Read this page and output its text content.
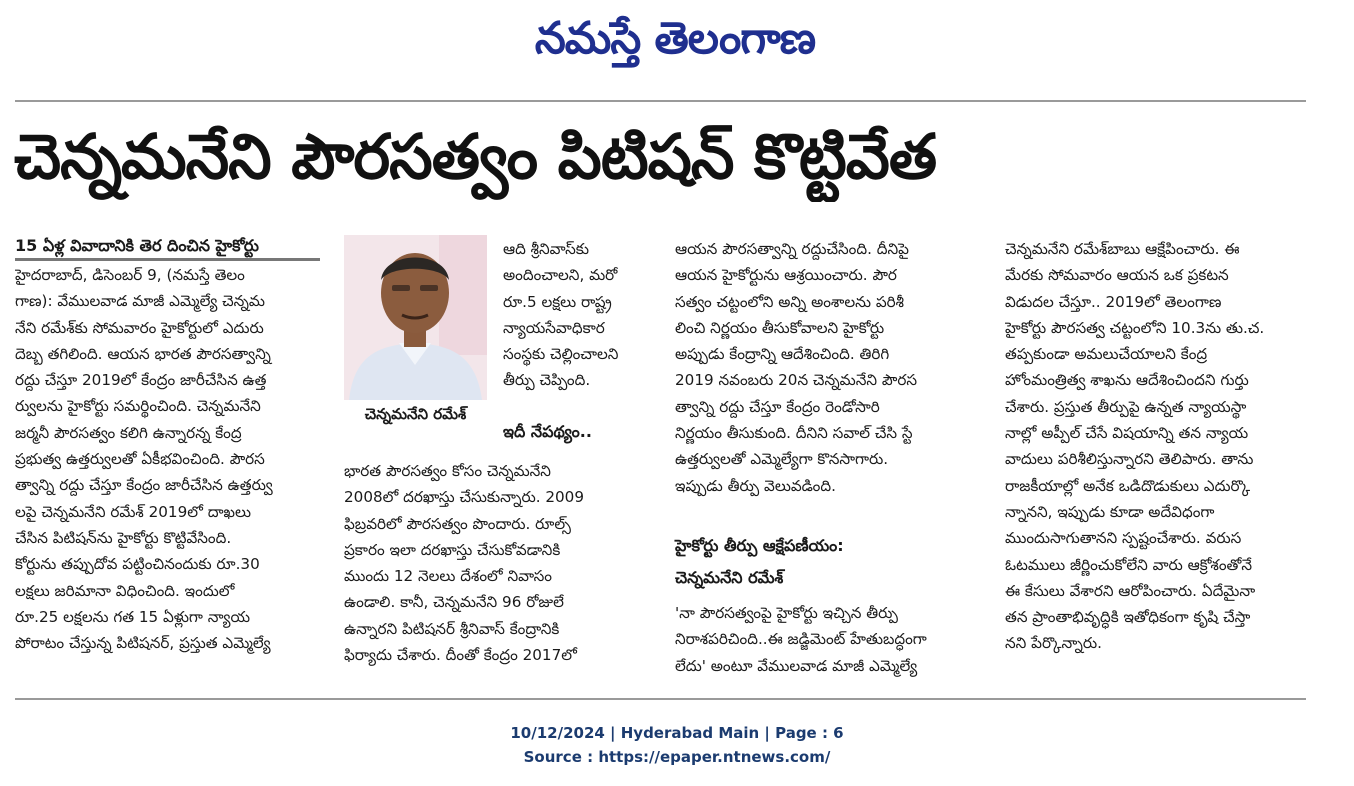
నమస్తే తెలంగాణ
చెన్నమనేని పౌరసత్వం పిటిషన్ కొట్టివేత
15 ఏళ్ల వివాదానికి తెర దించిన హైకోర్టు
హైదరాబాద్, డిసెంబర్ 9, (నమస్తే తెలం
గాణ): వేములవాడ మాజీ ఎమ్మెల్యే చెన్నమ
నేని రమేశ్‌కు సోమవారం హైకోర్టులో ఎదురు
దెబ్బ తగిలింది. ఆయన భారత పౌరసత్వాన్ని
రద్దు చేస్తూ 2019లో కేంద్రం జారీచేసిన ఉత్త
ర్వులను హైకోర్టు సమర్థించింది. చెన్నమనేని
జర్మనీ పౌరసత్వం కలిగి ఉన్నారన్న కేంద్ర
ప్రభుత్వ ఉత్తర్వులతో ఏకీభవించింది. పౌరస
త్వాన్ని రద్దు చేస్తూ కేంద్రం జారీచేసిన ఉత్తర్వు
లపై చెన్నమనేని రమేశ్ 2019లో దాఖలు
చేసిన పిటిషన్‌ను హైకోర్టు కొట్టివేసింది.
కోర్టును తప్పుదోవ పట్టించినందుకు రూ.30
లక్షలు జరిమానా విధించింది. ఇందులో
రూ.25 లక్షలను గత 15 ఏళ్లుగా న్యాయ
పోరాటం చేస్తున్న పిటిషనర్, ప్రస్తుత ఎమ్మెల్యే
చెన్నమనేని రమేశ్
ఆది శ్రీనివాస్‌కు
అందించాలని, మరో
రూ.5 లక్షలు రాష్ట్ర
న్యాయసేవాధికార
సంస్థకు చెల్లించాలని
తీర్పు చెప్పింది.
ఇదీ నేపథ్యం..
భారత పౌరసత్వం కోసం చెన్నమనేని
2008లో దరఖాస్తు చేసుకున్నారు. 2009
ఫిబ్రవరిలో పౌరసత్వం పొందారు. రూల్స్
ప్రకారం ఇలా దరఖాస్తు చేసుకోవడానికి
ముందు 12 నెలలు దేశంలో నివాసం
ఉండాలి. కానీ, చెన్నమనేని 96 రోజులే
ఉన్నారని పిటిషనర్ శ్రీనివాస్ కేంద్రానికి
ఫిర్యాదు చేశారు. దీంతో కేంద్రం 2017లో
ఆయన పౌరసత్వాన్ని రద్దుచేసింది. దీనిపై
ఆయన హైకోర్టును ఆశ్రయించారు. పౌర
సత్వం చట్టంలోని అన్ని అంశాలను పరిశీ
లించి నిర్ణయం తీసుకోవాలని హైకోర్టు
అప్పుడు కేంద్రాన్ని ఆదేశించింది. తిరిగి
2019 నవంబరు 20న చెన్నమనేని పౌరస
త్వాన్ని రద్దు చేస్తూ కేంద్రం రెండోసారి
నిర్ణయం తీసుకుంది. దీనిని సవాల్ చేసి స్టే
ఉత్తర్వులతో ఎమ్మెల్యేగా కొనసాగారు.
ఇప్పుడు తీర్పు వెలువడింది.
హైకోర్టు తీర్పు ఆక్షేపణీయం:
చెన్నమనేని రమేశ్
'నా పౌరసత్వంపై హైకోర్టు ఇచ్చిన తీర్పు
నిరాశపరిచింది..ఈ జడ్జిమెంట్ హేతుబద్ధంగా
లేదు' అంటూ వేములవాడ మాజీ ఎమ్మెల్యే
చెన్నమనేని రమేశ్‌బాబు ఆక్షేపించారు. ఈ
మేరకు సోమవారం ఆయన ఒక ప్రకటన
విడుదల చేస్తూ.. 2019లో తెలంగాణ
హైకోర్టు పౌరసత్వ చట్టంలోని 10.3ను తు.చ.
తప్పకుండా అమలుచేయాలని కేంద్ర
హోంమంత్రిత్వ శాఖను ఆదేశించిందని గుర్తు
చేశారు. ప్రస్తుత తీర్పుపై ఉన్నత న్యాయస్థా
నాల్లో అప్పీల్ చేసే విషయాన్ని తన న్యాయ
వాదులు పరిశీలిస్తున్నారని తెలిపారు. తాను
రాజకీయాల్లో అనేక ఒడిదొడుకులు ఎదుర్కొ
న్నానని, ఇప్పుడు కూడా అదేవిధంగా
ముందుసాగుతానని స్పష్టంచేశారు. వరుస
ఓటములు జీర్ణించుకోలేని వారు ఆక్రోశంతోనే
ఈ కేసులు వేశారని ఆరోపించారు. ఏదేమైనా
తన ప్రాంతాభివృద్ధికి ఇతోధికంగా కృషి చేస్తా
నని పేర్కొన్నారు.
10/12/2024 | Hyderabad Main | Page : 6
Source : https://epaper.ntnews.com/
